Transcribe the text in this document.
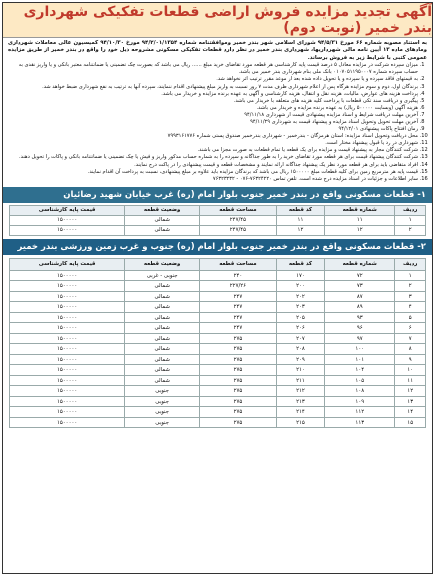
آگهی تجدید مزایده فروش اراضی قطعات تفکیکی شهرداری بندر خمیر (نوبت دوم)
به استناد مصوبه شماره ۶۶ مورخ ۹۴/۵/۳۱ شورای اسلامی شهر بندر خمیر وموافقتنامه شماره ۹۴/۲/۰۱/۱۳۵۴ مورخ ۹۴/۱۰/۳۰ کمیسیون عالی معاملات شهرداری ومادهای ماده ۱۳ آیین نامه مالی شهرداریها، شهرداری بندر خمیر در نظر دارد قطعات تفکیکی مسکونی مشروحه ذیل خود را واقع در بندر خمیر از طریق مزایده عمومی کتبی با شرایط زیر به فروش برساند.
1. میزان سپرده شرکت در مزایده معادل ۵ درصد قیمت پایه کارشناسی هر قطعه مورد تقاضای خرید مبلغ ...... ریال می باشد که بصورت چک تضمینی یا ضمانتنامه معتبر بانکی و یا واریز نقدی به حساب سپرده شماره ۰۱۰۷۰۵۱۱۹۵۰۰۰۷ بانک ملی بنام شهرداری بندر خمیر می باشد.
2. به قیمتهای فاقد سپرده و یا سپرده و یا تحویل داده شده بعد از موعد مقرر ترتیب اثر نخواهد شد.
3. برندگان اول، دوم و سوم مزایده هرگاه پس از اعلام شهرداری ظرف مدت ۷ روز نسبت به واریز مبلغ پیشنهادی اقدام ننمایند، سپرده آنها به ترتیب به نفع شهرداری ضبط خواهد شد.
4. پرداخت هزینه های عوارض، مالیات، هزینه نقل و انتقال، هزینه کارشناسی و آگهی به عهده برنده مزایده و خریدار می باشد.
5. پیگیری و دریافت سند تکی قطعات با پرداخت کلیه هزینه های متعلقه با خریدار می باشد.
6. هزینه آگهی (وبسایت ۵۰۰۰۰۰ ریال) به عهده برنده مزایده و خریدار می باشد.
7. آخرین مهلت دریافت شرایط و اسناد مزایده پیشنهادی قیمت از شهرداری ۹۴/۱۱/۱۸
8. آخرین مهلت تحویل وتحویل اسناد مزایده و پیشنهاد قیمت به شهرداری ۹۴/۱۱/۲۹
9. زمان افتتاح پاکات پیشنهادی ۹۴/۱۲/۰۱
10. محل دریافت وتحویل اسناد مزایده: استان هرمزگان - بندرخمیر - شهرداری بندرخمیر صندوق پستی شماره ۷۹۹۳۱۶۱۷۷۶
11. شهرداری در رد یا قبول پیشنهاد مختار است.
12. شرکت کنندگان مجاز به پیشنهاد قیمت و مزایده برای یک قطعه یا تمام قطعات به صورت مجزا می باشند.
13. شرکت کنندگان پیشنهاد قیمت برای هر قطعه مورد تقاضای خرید را به طور جداگانه و سپرده را به شماره حساب مذکور واریز و فیش یا چک تضمینی یا ضمانتنامه بانکی و پاکات را تحویل دهند.
14. افراد متقاضی باید برای هر قطعه مورد نظر یک پیشنهاد جداگانه ارائه نمایند و مشخصات قطعه و قیمت پیشنهادی را در پاکت درج نمایند.
15. قیمت پایه هر مترمربع زمین برای کلیه قطعات مبلغ ۱۵۰۰۰۰۰ ریال می باشد که برندگان مزایده باید علاوه بر مبلغ پیشنهادی، نسبت به پرداخت آن اقدام نمایند.
16. سایر اطلاعات و جزئیات در اسناد مزایده درج شده است. تلفن تماس ۷۶۳۲۴۲۲۰-۰۷۶ - ۷۶۳۲۳۲۳۲
۱- قطعات مسکونی واقع در بندر خمیر جنوب بلوار امام (ره) غرب خیابان شهید رضائیان
ردیف	شماره قطعه	کد قطعه	مساحت قطعه	وضعیت قطعه	قیمت پایه کارشناسی
۱	۱۱	۱۱	۲۴۷/۴۵	شمالی	۱۵۰۰۰۰۰
۲	۱۲	۱۲	۲۴۷/۴۵	شمالی	۱۵۰۰۰۰۰
۲- قطعات مسکونی واقع در بندر خمیر جنوب بلوار امام (ره) جنوب و غرب زمین ورزشی بندر خمیر
ردیف	شماره قطعه	کد قطعه	مساحت قطعه	وضعیت قطعه	قیمت پایه کارشناسی
۱	۷۲	۱۷۰	۲۴۰	جنوبی - غربی	۱۵۰۰۰۰۰
۲	۷۳	۲۰۰	۲۲۷/۲۶	شمالی	۱۵۰۰۰۰۰
۳	۸۷	۲۰۲	۲۴۷	شمالی	۱۵۰۰۰۰۰
۴	۸۹	۲۰۳	۲۴۷	شمالی	۱۵۰۰۰۰۰
۵	۹۳	۲۰۵	۲۴۷	شمالی	۱۵۰۰۰۰۰
۶	۹۶	۲۰۶	۲۴۷	شمالی	۱۵۰۰۰۰۰
۷	۹۷	۲۰۷	۲۷۵	شمالی	۱۵۰۰۰۰۰
۸	۱۰۰	۲۰۸	۲۷۵	شمالی	۱۵۰۰۰۰۰
۹	۱۰۱	۲۰۹	۲۷۵	شمالی	۱۵۰۰۰۰۰
۱۰	۱۰۴	۲۱۰	۲۷۵	شمالی	۱۵۰۰۰۰۰
۱۱	۱۰۵	۲۱۱	۲۷۵	شمالی	۱۵۰۰۰۰۰
۱۲	۱۰۸	۲۱۲	۲۷۵	جنوبی	۱۵۰۰۰۰۰
۱۳	۱۰۹	۲۱۳	۲۷۵	جنوبی	۱۵۰۰۰۰۰
۱۴	۱۱۲	۲۱۴	۲۷۵	جنوبی	۱۵۰۰۰۰۰
۱۵	۱۱۳	۲۱۵	۲۷۵	جنوبی	۱۵۰۰۰۰۰
